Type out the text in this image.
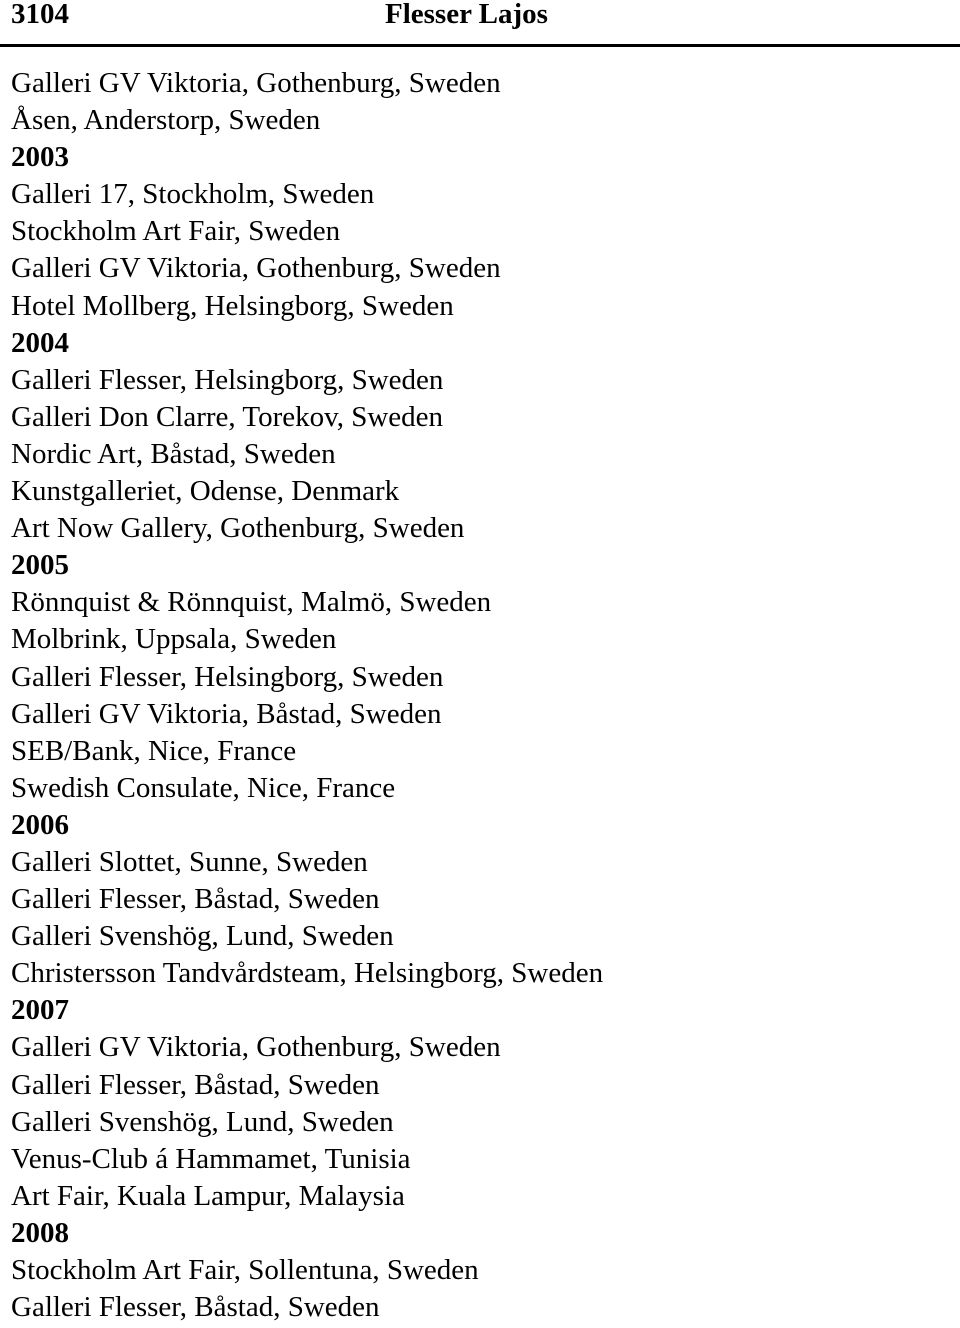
3104	Flesser Lajos
Galleri GV Viktoria, Gothenburg, Sweden
Åsen, Anderstorp, Sweden
2003
Galleri 17, Stockholm, Sweden
Stockholm Art Fair, Sweden
Galleri GV Viktoria, Gothenburg, Sweden
Hotel Mollberg, Helsingborg, Sweden
2004
Galleri Flesser, Helsingborg, Sweden
Galleri Don Clarre, Torekov, Sweden
Nordic Art, Båstad, Sweden
Kunstgalleriet, Odense, Denmark
Art Now Gallery, Gothenburg, Sweden
2005
Rönnquist & Rönnquist, Malmö, Sweden
Molbrink, Uppsala, Sweden
Galleri Flesser, Helsingborg, Sweden
Galleri GV Viktoria, Båstad, Sweden
SEB/Bank, Nice, France
Swedish Consulate, Nice, France
2006
Galleri Slottet, Sunne, Sweden
Galleri Flesser, Båstad, Sweden
Galleri Svenshög, Lund, Sweden
Christersson Tandvårdsteam, Helsingborg, Sweden
2007
Galleri GV Viktoria, Gothenburg, Sweden
Galleri Flesser, Båstad, Sweden
Galleri Svenshög, Lund, Sweden
Venus-Club á Hammamet, Tunisia
Art Fair, Kuala Lampur, Malaysia
2008
Stockholm Art Fair, Sollentuna, Sweden
Galleri Flesser, Båstad, Sweden
